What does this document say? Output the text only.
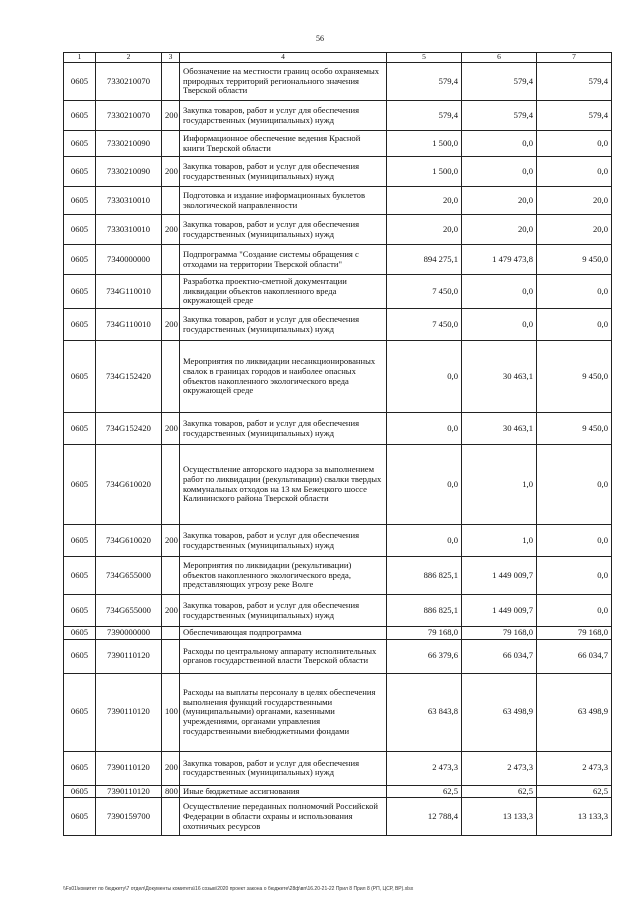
56
1	2	3	4	5	6	7
0605	7330210070		Обозначение на местности границ особо охраняемых природных территорий регионального значения Тверской области	579,4	579,4	579,4
0605	7330210070	200	Закупка товаров, работ и услуг для обеспечения государственных (муниципальных) нужд	579,4	579,4	579,4
0605	7330210090		Информационное обеспечение ведения Красной книги Тверской области	1 500,0	0,0	0,0
0605	7330210090	200	Закупка товаров, работ и услуг для обеспечения государственных (муниципальных) нужд	1 500,0	0,0	0,0
0605	7330310010		Подготовка и издание информационных буклетов экологической направленности	20,0	20,0	20,0
0605	7330310010	200	Закупка товаров, работ и услуг для обеспечения государственных (муниципальных) нужд	20,0	20,0	20,0
0605	7340000000		Подпрограмма "Создание системы обращения с отходами на территории Тверской области"	894 275,1	1 479 473,8	9 450,0
0605	734G110010		Разработка проектно-сметной документации ликвидации объектов накопленного вреда окружающей среде	7 450,0	0,0	0,0
0605	734G110010	200	Закупка товаров, работ и услуг для обеспечения государственных (муниципальных) нужд	7 450,0	0,0	0,0
0605	734G152420		Мероприятия по ликвидации несанкционированных свалок в границах городов и наиболее опасных объектов накопленного экологического вреда окружающей среде	0,0	30 463,1	9 450,0
0605	734G152420	200	Закупка товаров, работ и услуг для обеспечения государственных (муниципальных) нужд	0,0	30 463,1	9 450,0
0605	734G610020		Осуществление авторского надзора за выполнением работ по ликвидации (рекультивации) свалки твердых коммунальных отходов на 13 км Бежецкого шоссе Калининского района Тверской области	0,0	1,0	0,0
0605	734G610020	200	Закупка товаров, работ и услуг для обеспечения государственных (муниципальных) нужд	0,0	1,0	0,0
0605	734G655000		Мероприятия по ликвидации (рекультивации) объектов накопленного экологического вреда, представляющих угрозу реке Волге	886 825,1	1 449 009,7	0,0
0605	734G655000	200	Закупка товаров, работ и услуг для обеспечения государственных (муниципальных) нужд	886 825,1	1 449 009,7	0,0
0605	7390000000		Обеспечивающая подпрограмма	79 168,0	79 168,0	79 168,0
0605	7390110120		Расходы по центральному аппарату исполнительных органов государственной власти Тверской области	66 379,6	66 034,7	66 034,7
0605	7390110120	100	Расходы на выплаты персоналу в целях обеспечения выполнения функций государственными (муниципальными) органами, казенными учреждениями, органами управления государственными внебюджетными фондами	63 843,8	63 498,9	63 498,9
0605	7390110120	200	Закупка товаров, работ и услуг для обеспечения государственных (муниципальных) нужд	2 473,3	2 473,3	2 473,3
0605	7390110120	800	Иные бюджетные ассигнования	62,5	62,5	62,5
0605	7390159700		Осуществление переданных полномочий Российской Федерации в области охраны и использования охотничьих ресурсов	12 788,4	13 133,3	13 133,3
\\Fs01\комитет по бюджету\7 отдел\Документы комитета\16 созыв\2020 проект закона о бюджете\28ф\вп\16.20-21-22 Прил 8 Прил 8 (РП, ЦСР, ВР).xlsx
